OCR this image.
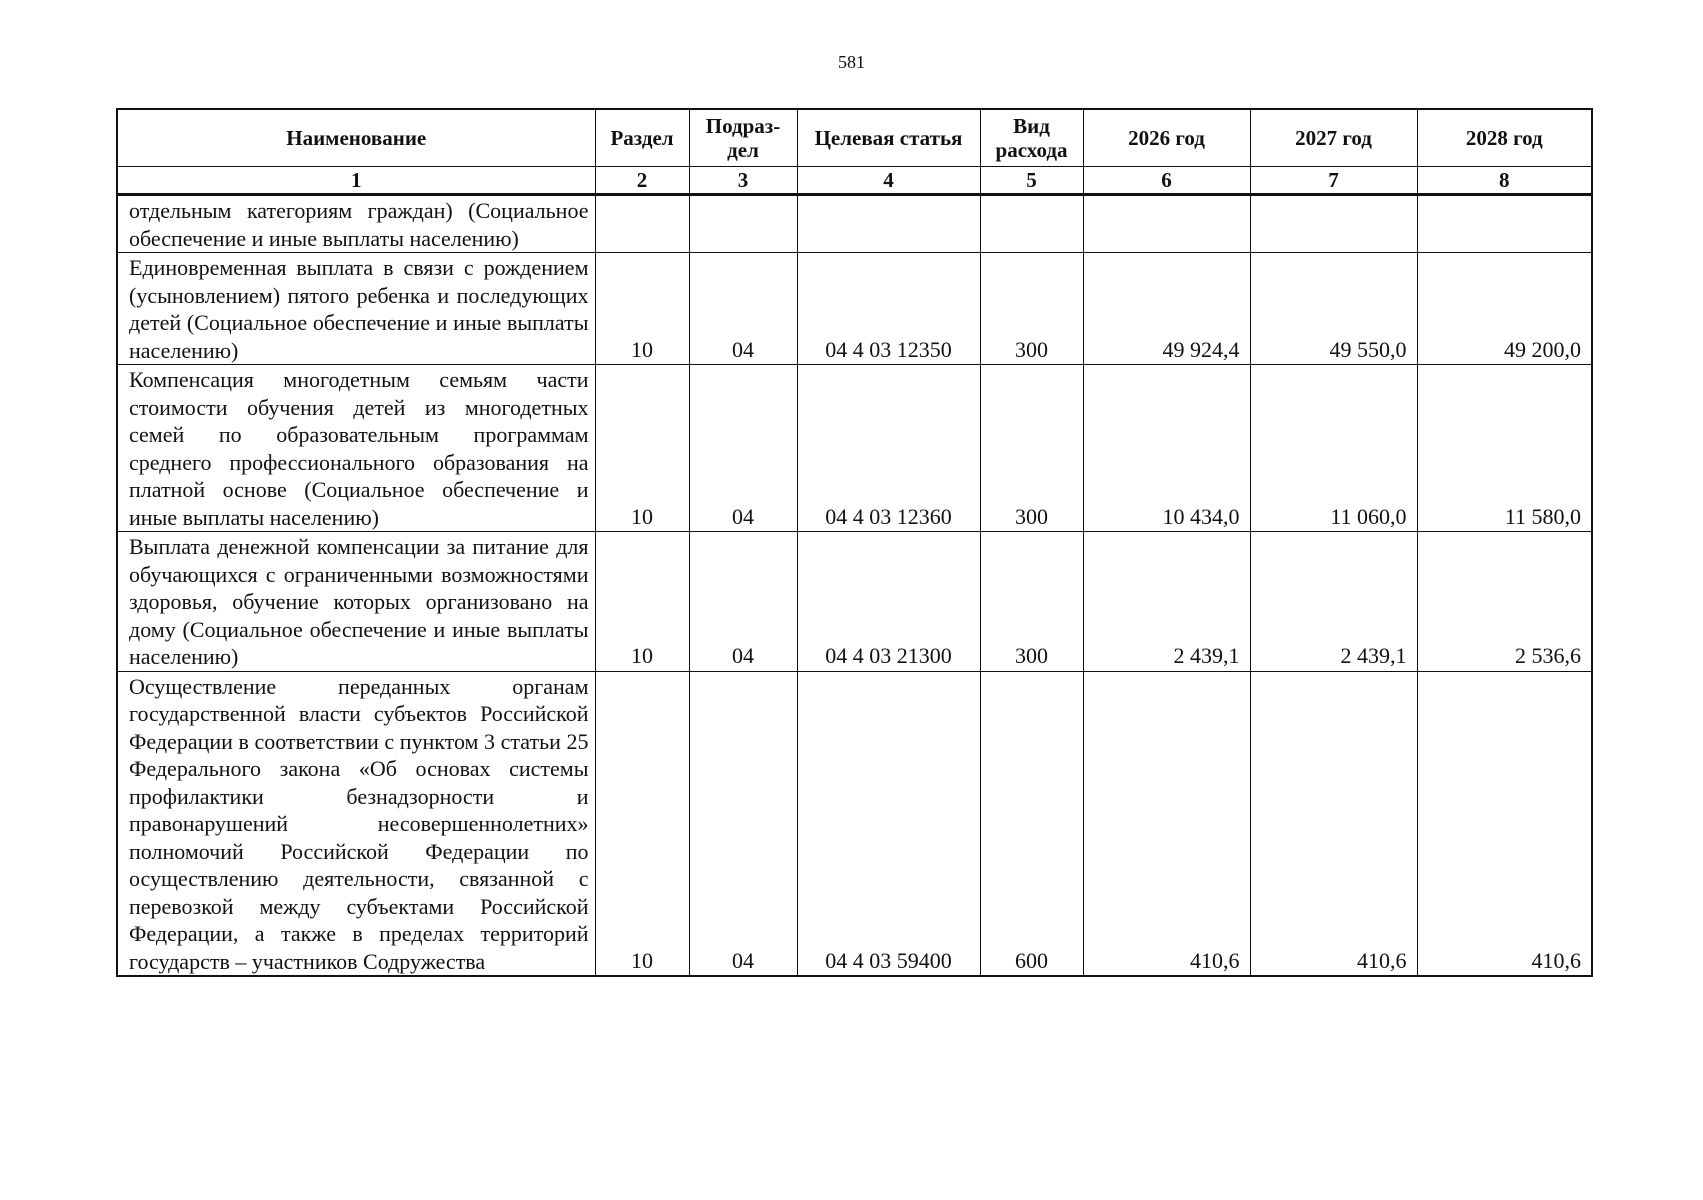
581
Наименование	Раздел	Подраз-дел	Целевая статья	Вид расхода	2026 год	2027 год	2028 год
1	2	3	4	5	6	7	8
отдельным категориям граждан) (Социальное обеспечение и иные выплаты населению)							
Единовременная выплата в связи с рождением (усыновлением) пятого ребенка и последующих детей (Социальное обеспечение и иные выплаты населению)	10	04	04 4 03 12350	300	49 924,4	49 550,0	49 200,0
Компенсация многодетным семьям части стоимости обучения детей из многодетных семей по образовательным программам среднего профессионального образования на платной основе (Социальное обеспечение и иные выплаты населению)	10	04	04 4 03 12360	300	10 434,0	11 060,0	11 580,0
Выплата денежной компенсации за питание для обучающихся с ограниченными возможностями здоровья, обучение которых организовано на дому (Социальное обеспечение и иные выплаты населению)	10	04	04 4 03 21300	300	2 439,1	2 439,1	2 536,6
Осуществление переданных органам государственной власти субъектов Российской Федерации в соответствии с пунктом 3 статьи 25 Федерального закона «Об основах системы профилактики безнадзорности и правонарушений несовершеннолетних» полномочий Российской Федерации по осуществлению деятельности, связанной с перевозкой между субъектами Российской Федерации, а также в пределах территорий государств – участников Содружества	10	04	04 4 03 59400	600	410,6	410,6	410,6
